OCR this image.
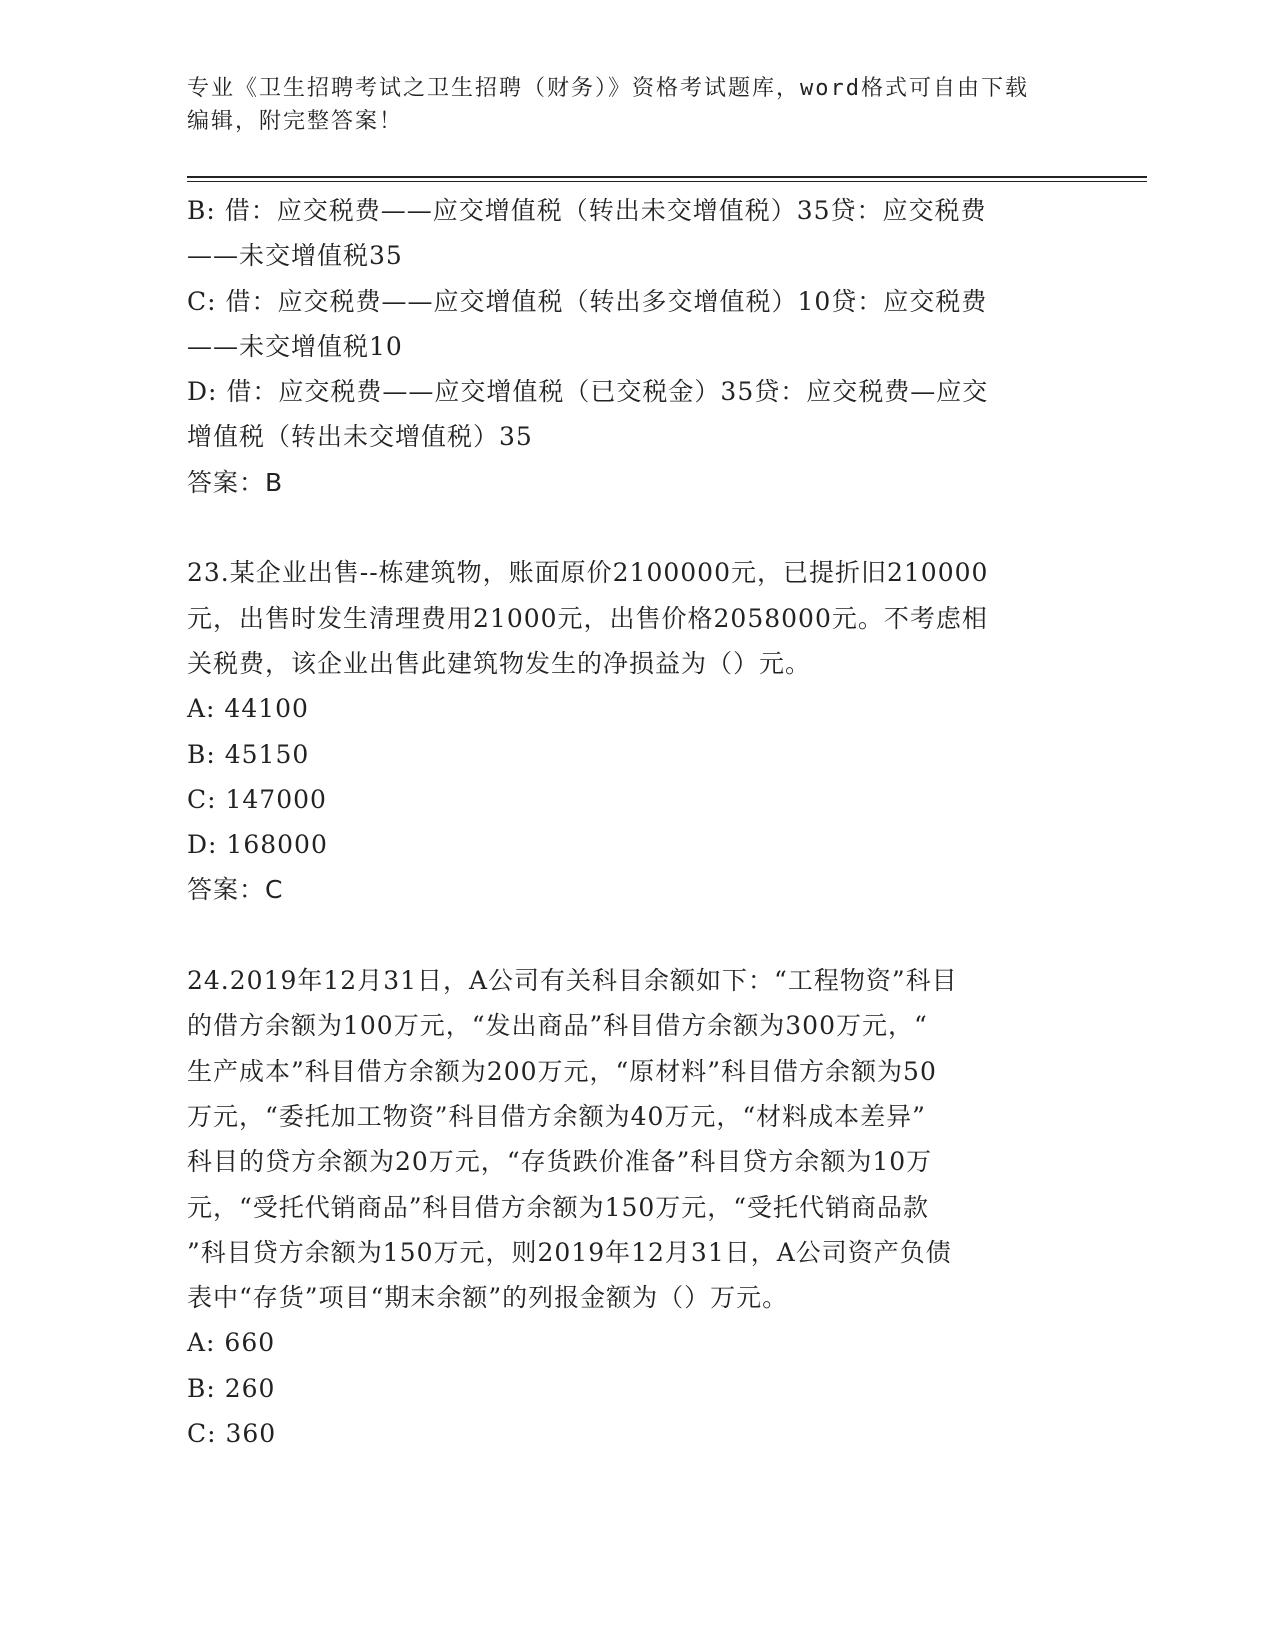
专业《卫生招聘考试之卫生招聘（财务）》资格考试题库，word格式可自由下载
编辑，附完整答案！

B: 借：应交税费——应交增值税（转出未交增值税）35贷：应交税费

——未交增值税35

C: 借：应交税费——应交增值税（转出多交增值税）10贷：应交税费

——未交增值税10

D: 借：应交税费——应交增值税（已交税金）35贷：应交税费—应交

增值税（转出未交增值税）35

答案：B

23.某企业出售--栋建筑物，账面原价2100000元，已提折旧210000

元，出售时发生清理费用21000元，出售价格2058000元。不考虑相

关税费，该企业出售此建筑物发生的净损益为（）元。

A: 44100

B: 45150

C: 147000

D: 168000

答案：C

24.2019年12月31日，A公司有关科目余额如下：“工程物资”科目

的借方余额为100万元，“发出商品”科目借方余额为300万元，“

生产成本”科目借方余额为200万元，“原材料”科目借方余额为50

万元，“委托加工物资”科目借方余额为40万元，“材料成本差异”

科目的贷方余额为20万元，“存货跌价准备”科目贷方余额为10万

元，“受托代销商品”科目借方余额为150万元，“受托代销商品款

”科目贷方余额为150万元，则2019年12月31日，A公司资产负债

表中“存货”项目“期末余额”的列报金额为（）万元。

A: 660

B: 260

C: 360
